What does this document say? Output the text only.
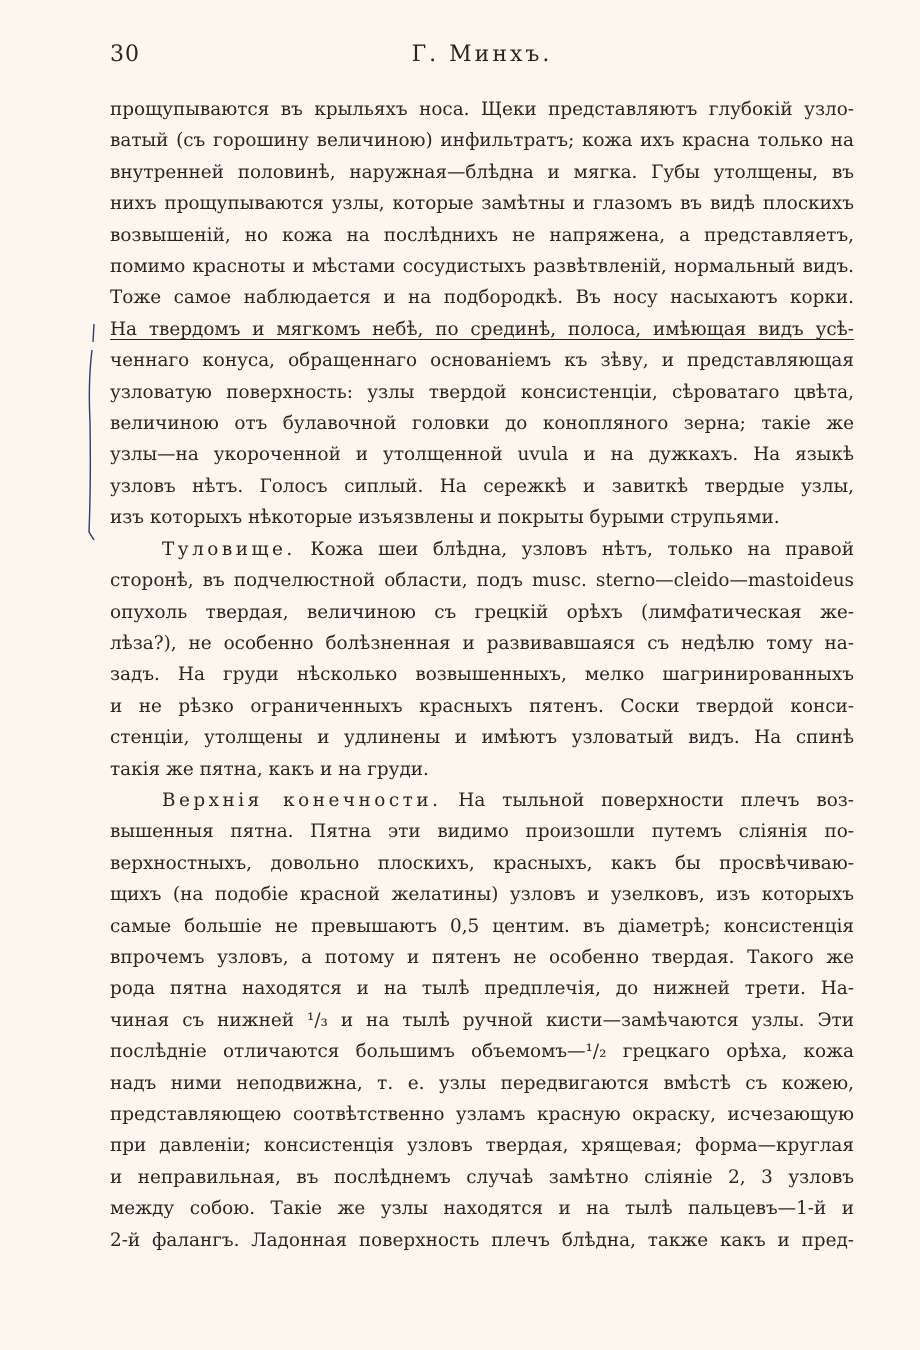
30	Г. Минхъ.
прощупываются въ крыльяхъ носа. Щеки представляютъ глубокій узло-
ватый (съ горошину величиною) инфильтратъ; кожа ихъ красна только на
внутренней половинѣ, наружная—блѣдна и мягка. Губы утолщены, въ
нихъ прощупываются узлы, которые замѣтны и глазомъ въ видѣ плоскихъ
возвышеній, но кожа на послѣднихъ не напряжена, а представляетъ,
помимо красноты и мѣстами сосудистыхъ развѣтвленій, нормальный видъ.
Тоже самое наблюдается и на подбородкѣ. Въ носу насыхаютъ корки.
На твердомъ и мягкомъ небѣ, по срединѣ, полоса, имѣющая видъ усѣ-
ченнаго конуса, обращеннаго основаніемъ къ зѣву, и представляющая
узловатую поверхность: узлы твердой консистенціи, сѣроватаго цвѣта,
величиною отъ булавочной головки до конопляного зерна; такіе же
узлы—на укороченной и утолщенной uvula и на дужкахъ. На языкѣ
узловъ нѣтъ. Голосъ сиплый. На сережкѣ и завиткѣ твердые узлы,
изъ которыхъ нѣкоторые изъязвлены и покрыты бурыми струпьями.
Туловище. Кожа шеи блѣдна, узловъ нѣтъ, только на правой
сторонѣ, въ подчелюстной области, подъ musc. sterno—cleido—mastoideus
опухоль твердая, величиною съ грецкій орѣхъ (лимфатическая же-
лѣза?), не особенно болѣзненная и развивавшаяся съ недѣлю тому на-
задъ. На груди нѣсколько возвышенныхъ, мелко шагринированныхъ
и не рѣзко ограниченныхъ красныхъ пятенъ. Соски твердой конси-
стенціи, утолщены и удлинены и имѣютъ узловатый видъ. На спинѣ
такія же пятна, какъ и на груди.
Верхнія конечности. На тыльной поверхности плечъ воз-
вышенныя пятна. Пятна эти видимо произошли путемъ сліянія по-
верхностныхъ, довольно плоскихъ, красныхъ, какъ бы просвѣчиваю-
щихъ (на подобіе красной желатины) узловъ и узелковъ, изъ которыхъ
самые большіе не превышаютъ 0,5 центим. въ діаметрѣ; консистенція
впрочемъ узловъ, а потому и пятенъ не особенно твердая. Такого же
рода пятна находятся и на тылѣ предплечія, до нижней трети. На-
чиная съ нижней ¹/₃ и на тылѣ ручной кисти—замѣчаются узлы. Эти
послѣдніе отличаются большимъ объемомъ—¹/₂ грецкаго орѣха, кожа
надъ ними неподвижна, т. е. узлы передвигаются вмѣстѣ съ кожею,
представляющею соотвѣтственно узламъ красную окраску, исчезающую
при давленіи; консистенція узловъ твердая, хрящевая; форма—круглая
и неправильная, въ послѣднемъ случаѣ замѣтно сліяніе 2, 3 узловъ
между собою. Такіе же узлы находятся и на тылѣ пальцевъ—1-й и
2-й фалангъ. Ладонная поверхность плечъ блѣдна, также какъ и пред-
